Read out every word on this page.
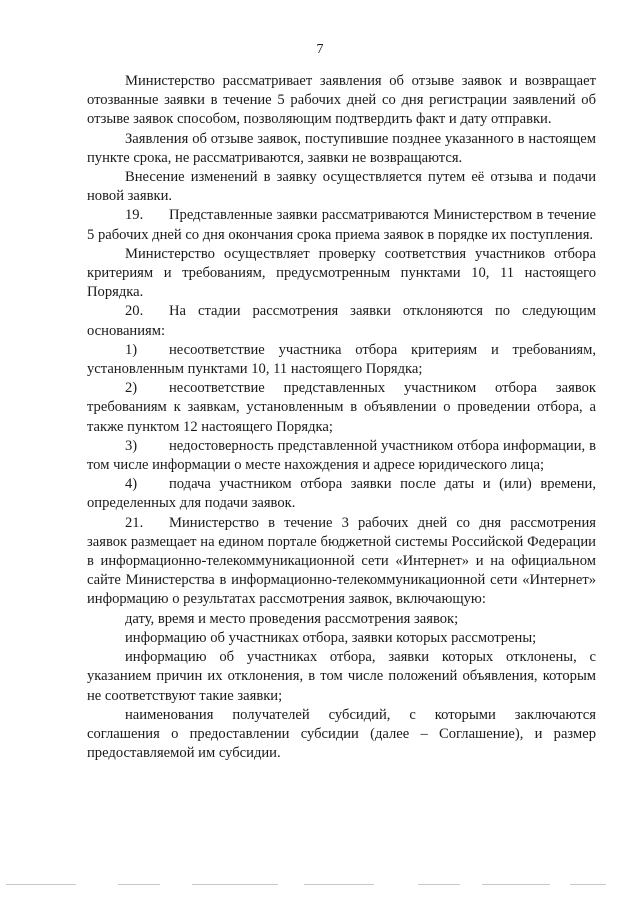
7

Министерство рассматривает заявления об отзыве заявок и возвращает отозванные заявки в течение 5 рабочих дней со дня регистрации заявлений об отзыве заявок способом, позволяющим подтвердить факт и дату отправки.

Заявления об отзыве заявок, поступившие позднее указанного в настоящем пункте срока, не рассматриваются, заявки не возвращаются.

Внесение изменений в заявку осуществляется путем её отзыва и подачи новой заявки.

19. Представленные заявки рассматриваются Министерством в течение 5 рабочих дней со дня окончания срока приема заявок в порядке их поступления.

Министерство осуществляет проверку соответствия участников отбора критериям и требованиям, предусмотренным пунктами 10, 11 настоящего Порядка.

20. На стадии рассмотрения заявки отклоняются по следующим основаниям:

1) несоответствие участника отбора критериям и требованиям, установленным пунктами 10, 11 настоящего Порядка;

2) несоответствие представленных участником отбора заявок требованиям к заявкам, установленным в объявлении о проведении отбора, а также пунктом 12 настоящего Порядка;

3) недостоверность представленной участником отбора информации, в том числе информации о месте нахождения и адресе юридического лица;

4) подача участником отбора заявки после даты и (или) времени, определенных для подачи заявок.

21. Министерство в течение 3 рабочих дней со дня рассмотрения заявок размещает на едином портале бюджетной системы Российской Федерации в информационно-телекоммуникационной сети «Интернет» и на официальном сайте Министерства в информационно-телекоммуникационной сети «Интернет» информацию о результатах рассмотрения заявок, включающую:

дату, время и место проведения рассмотрения заявок;

информацию об участниках отбора, заявки которых рассмотрены;

информацию об участниках отбора, заявки которых отклонены, с указанием причин их отклонения, в том числе положений объявления, которым не соответствуют такие заявки;

наименования получателей субсидий, с которыми заключаются соглашения о предоставлении субсидии (далее – Соглашение), и размер предоставляемой им субсидии.
